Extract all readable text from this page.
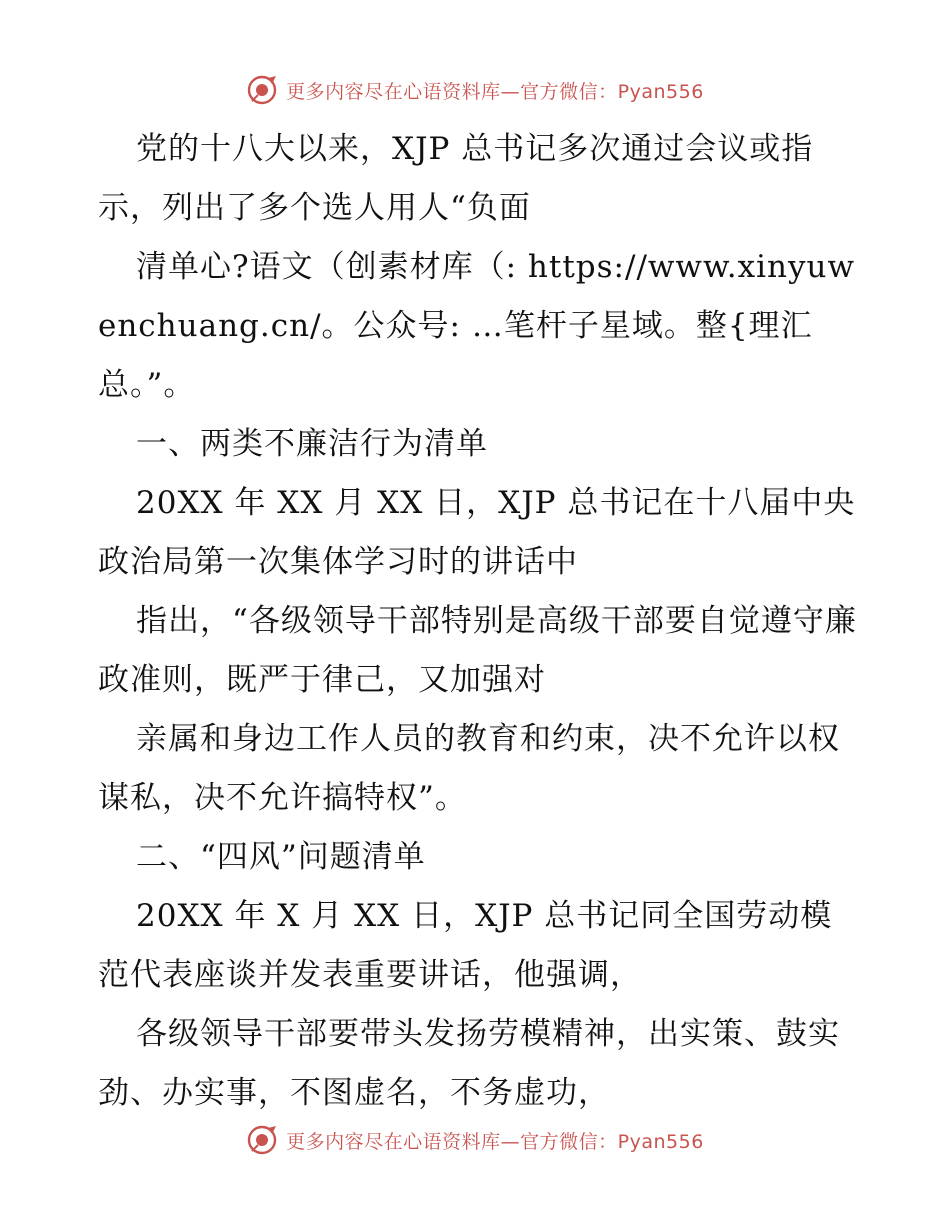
更多内容尽在心语资料库—官方微信：Pyan556

党的十八大以来，XJP 总书记多次通过会议或指示，列出了多个选人用人“负面

清单心?语文（创素材库（: https://www.xinyuwenchuang.cn/。公众号: …笔杆子星域。整{理汇总。”。

一、两类不廉洁行为清单

20XX 年 XX 月 XX 日，XJP 总书记在十八届中央政治局第一次集体学习时的讲话中

指出，“各级领导干部特别是高级干部要自觉遵守廉政准则，既严于律己，又加强对

亲属和身边工作人员的教育和约束，决不允许以权谋私，决不允许搞特权”。

二、“四风”问题清单

20XX 年 X 月 XX 日，XJP 总书记同全国劳动模范代表座谈并发表重要讲话，他强调，

各级领导干部要带头发扬劳模精神，出实策、鼓实劲、办实事，不图虚名，不务虚功，

更多内容尽在心语资料库—官方微信：Pyan556
